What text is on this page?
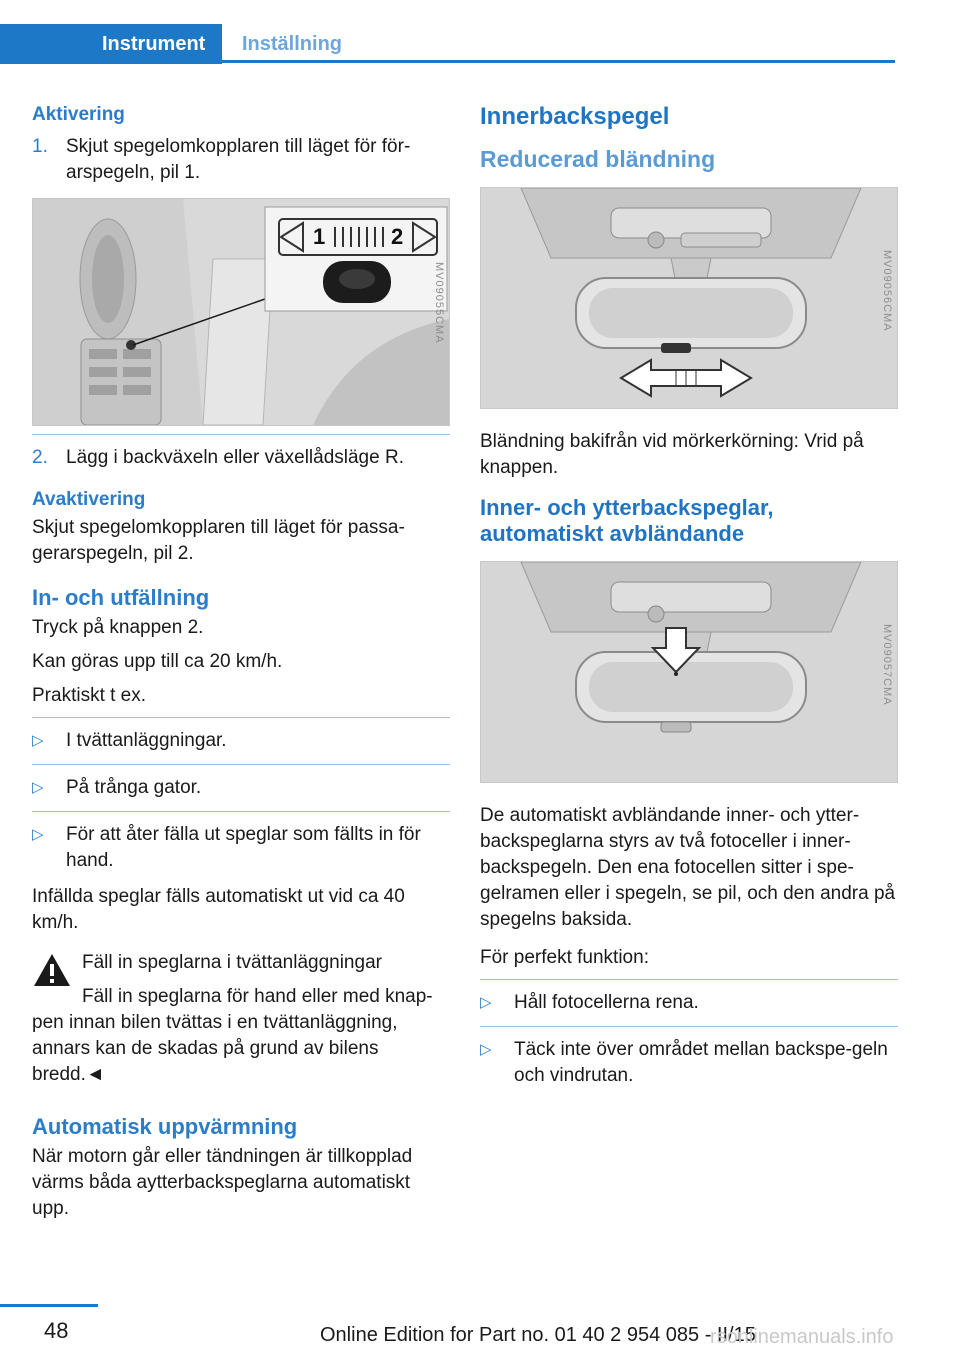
Instrument	Inställning
Aktivering
1. Skjut spegelomkopplaren till läget för för-arspegeln, pil 1.
1	2
MV09055CMA
2. Lägg i backväxeln eller växellådsläge R.
Avaktivering

Skjut spegelomkopplaren till läget för passa-gerarspegeln, pil 2.

In- och utfällning

Tryck på knappen 2.

Kan göras upp till ca 20 km/h.

Praktiskt t ex.

▷ I tvättanläggningar.
▷ På trånga gator.
▷ För att åter fälla ut speglar som fällts in för hand.

Infällda speglar fälls automatiskt ut vid ca 40 km/h.

Fäll in speglarna i tvättanläggningar
Fäll in speglarna för hand eller med knap-pen innan bilen tvättas i en tvättanläggning, annars kan de skadas på grund av bilens bredd.◄
Automatisk uppvärmning

När motorn går eller tändningen är tillkopplad värms båda aytterbackspeglarna automatiskt upp.

Innerbackspegel
Reducerad bländning
MV09056CMA

Bländning bakifrån vid mörkerkörning: Vrid på knappen.

Inner- och ytterbackspeglar, automatiskt avbländande
MV09057CMA

De automatiskt avbländande inner- och ytter-backspeglarna styrs av två fotoceller i inner-backspegeln. Den ena fotocellen sitter i spe-gelramen eller i spegeln, se pil, och den andra på spegelns baksida.

För perfekt funktion:

▷ Håll fotocellerna rena.
▷ Täck inte över området mellan backspe-geln och vindrutan.
48	Online Edition for Part no. 01 40 2 954 085 - II/15
rsonlinemanuals.info
